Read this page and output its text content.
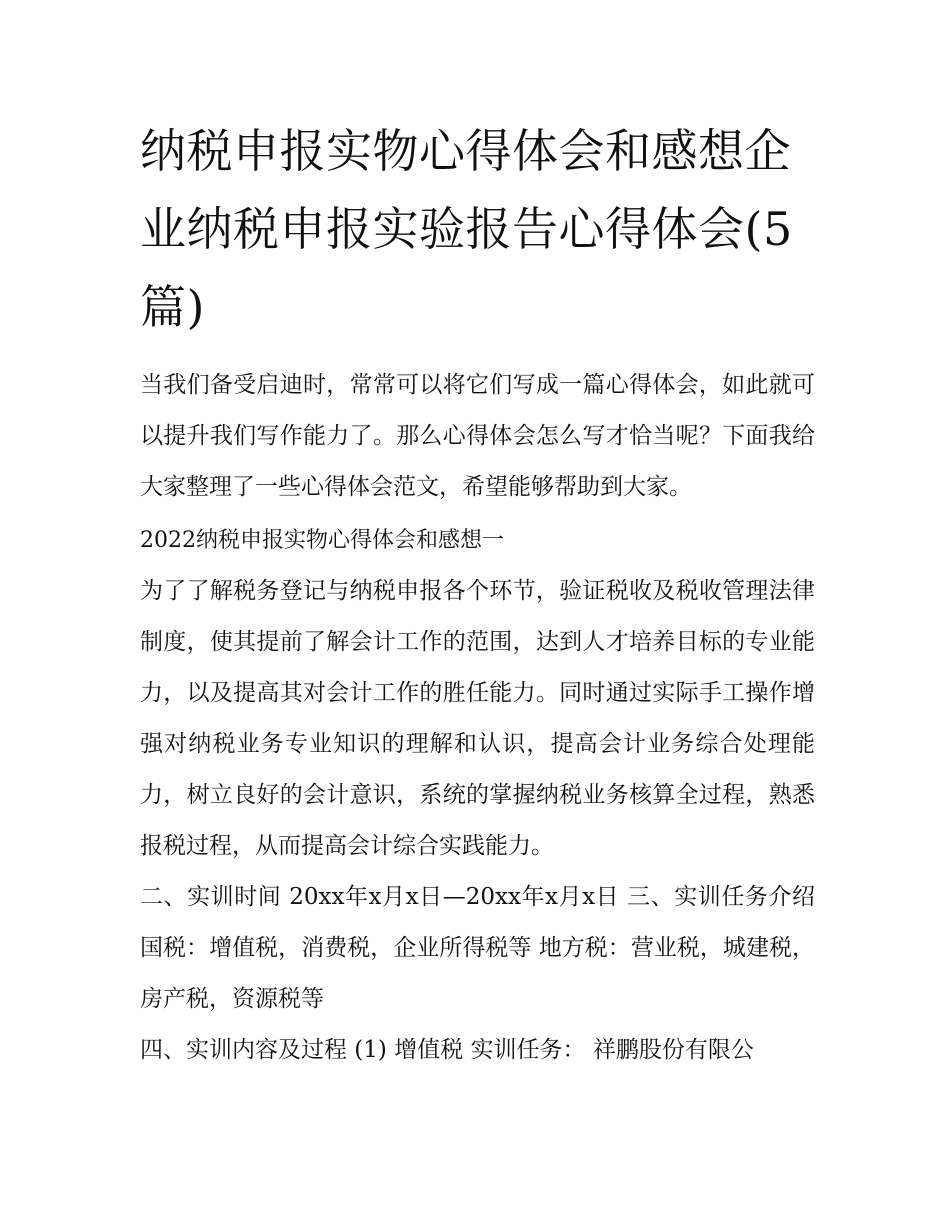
纳税申报实物心得体会和感想企业纳税申报实验报告心得体会(5篇)

当我们备受启迪时，常常可以将它们写成一篇心得体会，如此就可以提升我们写作能力了。那么心得体会怎么写才恰当呢？下面我给大家整理了一些心得体会范文，希望能够帮助到大家。

2022纳税申报实物心得体会和感想一

为了了解税务登记与纳税申报各个环节，验证税收及税收管理法律制度，使其提前了解会计工作的范围，达到人才培养目标的专业能力，以及提高其对会计工作的胜任能力。同时通过实际手工操作增强对纳税业务专业知识的理解和认识，提高会计业务综合处理能力，树立良好的会计意识，系统的掌握纳税业务核算全过程，熟悉报税过程，从而提高会计综合实践能力。

二、实训时间 20xx年x月x日—20xx年x月x日 三、实训任务介绍 国税：增值税，消费税，企业所得税等 地方税：营业税，城建税，房产税，资源税等

四、实训内容及过程 (1) 增值税 实训任务： 祥鹏股份有限公
